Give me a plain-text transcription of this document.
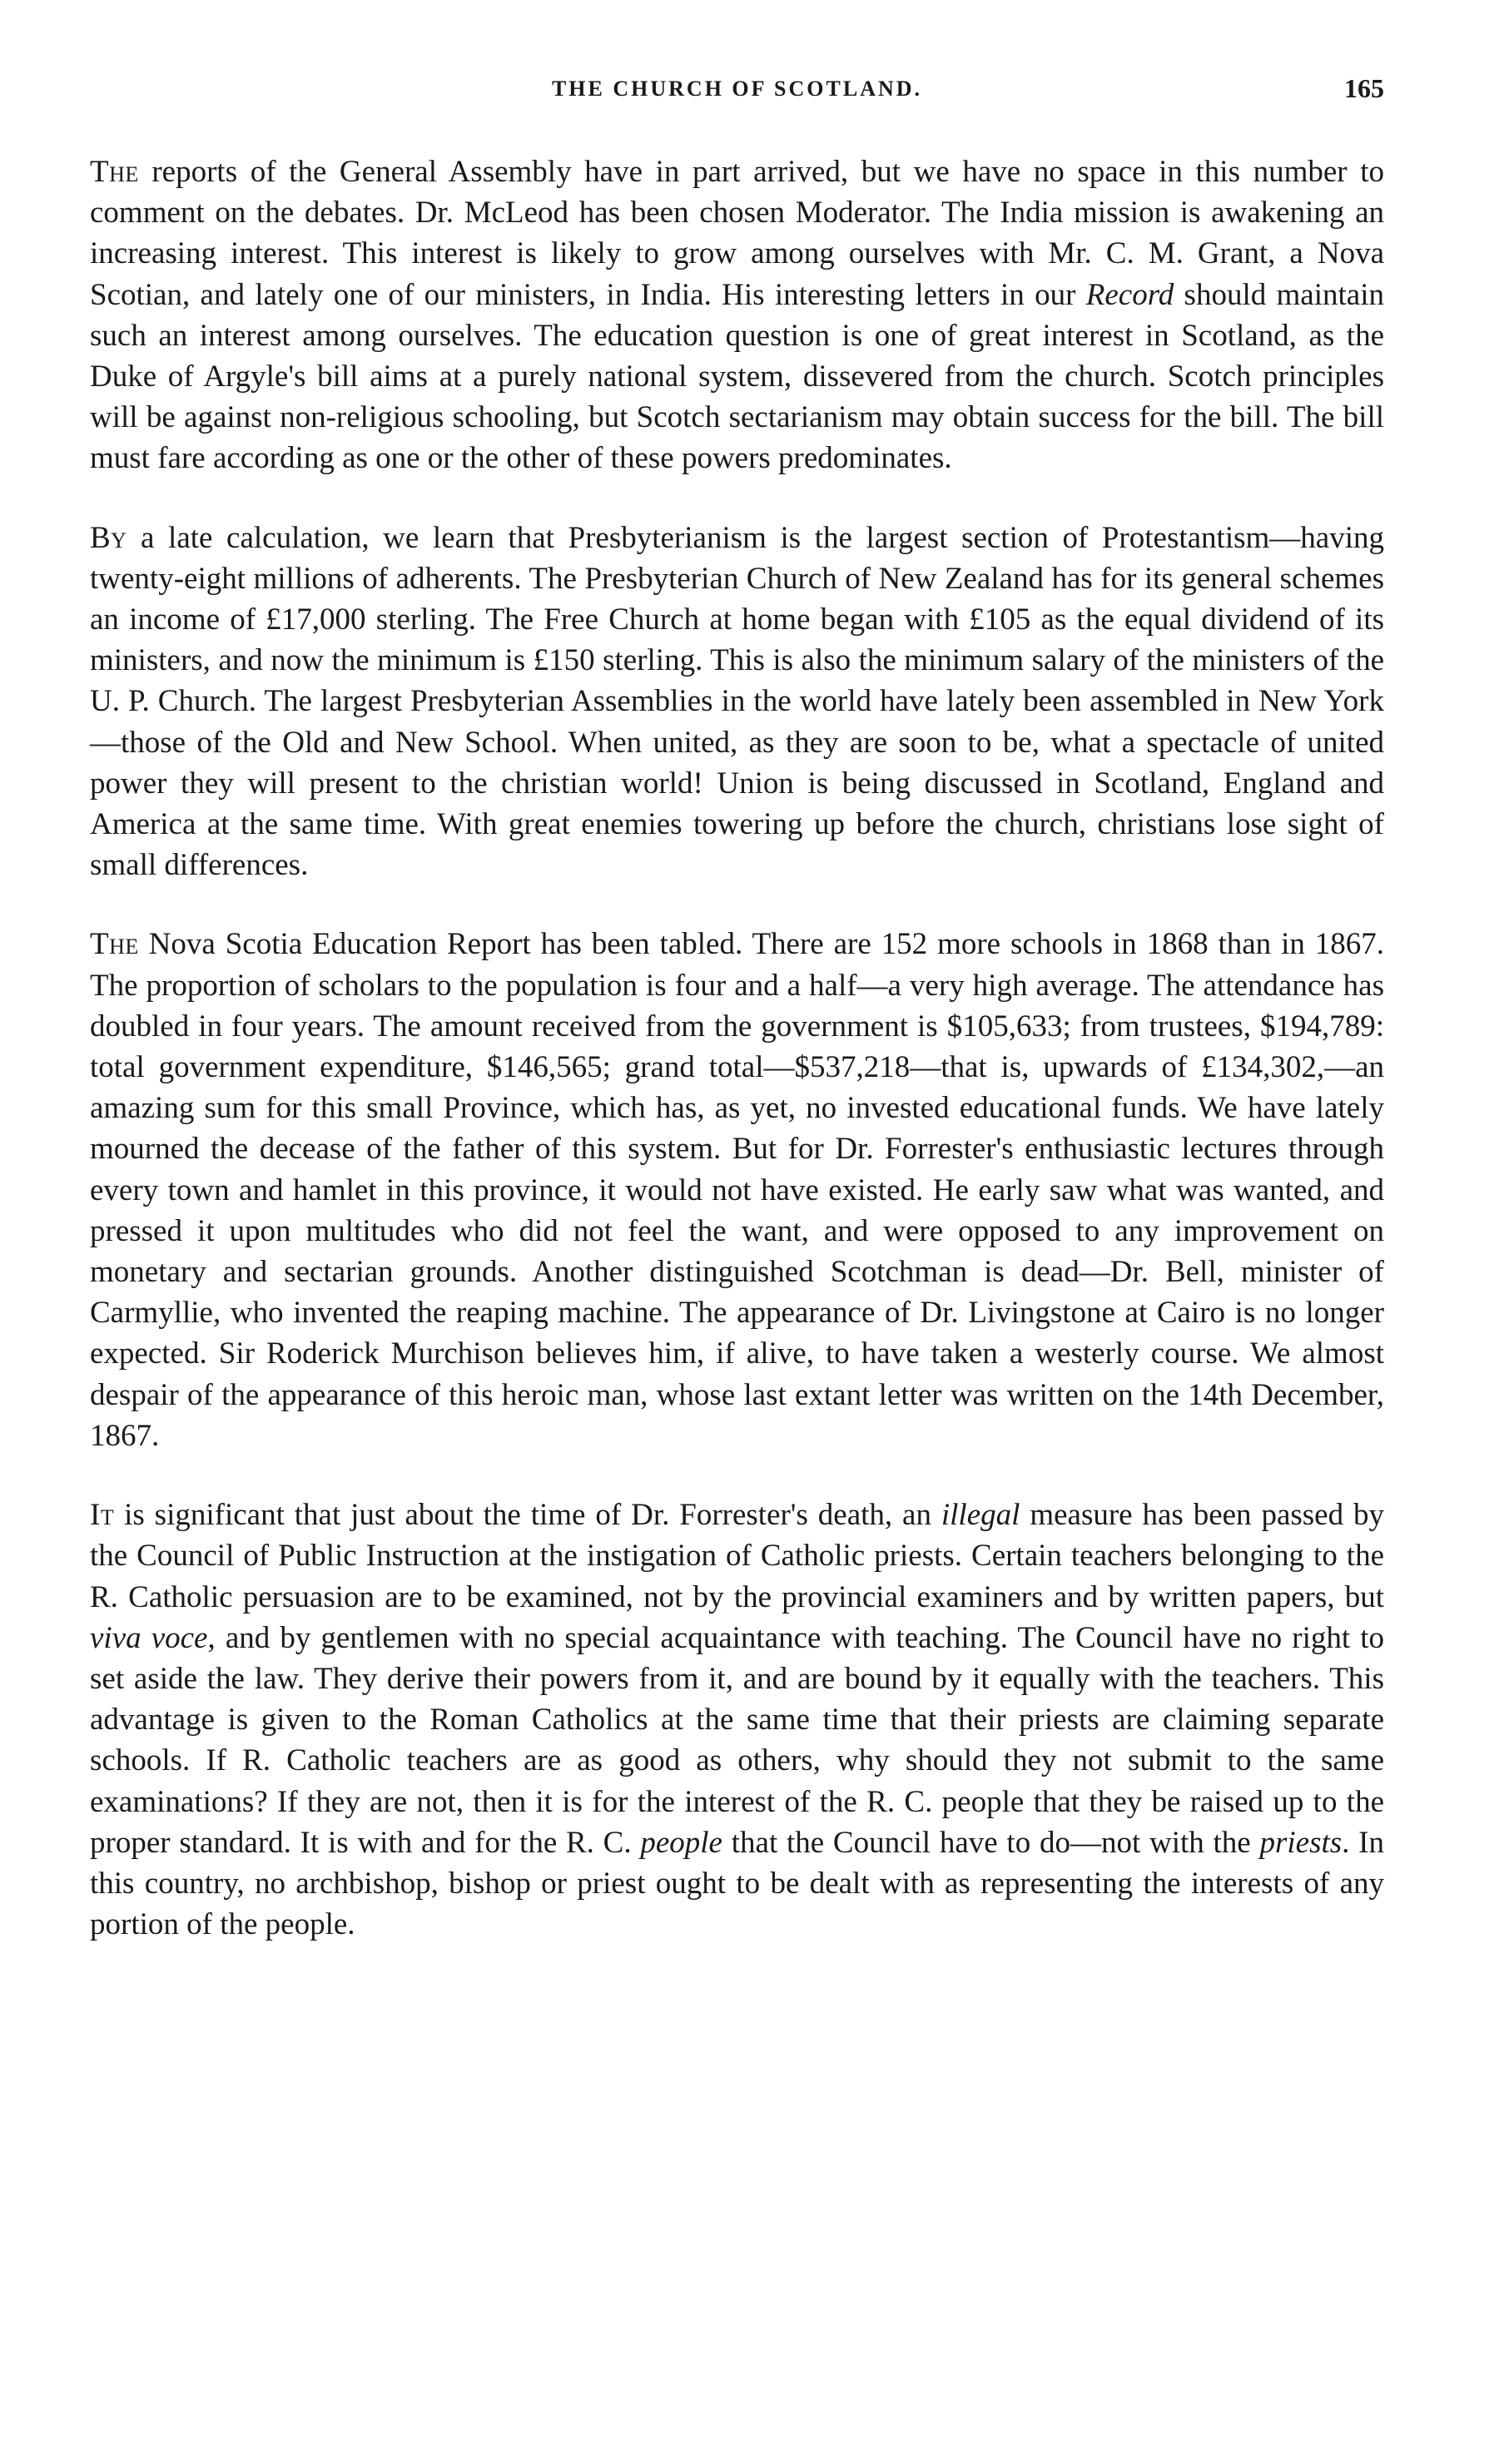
THE CHURCH OF SCOTLAND.	165

The reports of the General Assembly have in part arrived, but we have no space in this number to comment on the debates. Dr. McLeod has been chosen Moderator. The India mission is awakening an increasing interest. This interest is likely to grow among ourselves with Mr. C. M. Grant, a Nova Scotian, and lately one of our ministers, in India. His interesting letters in our Record should maintain such an interest among ourselves. The education question is one of great interest in Scotland, as the Duke of Argyle's bill aims at a purely national system, dissevered from the church. Scotch principles will be against non-religious schooling, but Scotch sectarianism may obtain success for the bill. The bill must fare according as one or the other of these powers predominates.

By a late calculation, we learn that Presbyterianism is the largest section of Protestantism—having twenty-eight millions of adherents. The Presbyterian Church of New Zealand has for its general schemes an income of £17,000 sterling. The Free Church at home began with £105 as the equal dividend of its ministers, and now the minimum is £150 sterling. This is also the minimum salary of the ministers of the U. P. Church. The largest Presbyterian Assemblies in the world have lately been assembled in New York—those of the Old and New School. When united, as they are soon to be, what a spectacle of united power they will present to the christian world! Union is being discussed in Scotland, England and America at the same time. With great enemies towering up before the church, christians lose sight of small differences.

The Nova Scotia Education Report has been tabled. There are 152 more schools in 1868 than in 1867. The proportion of scholars to the population is four and a half—a very high average. The attendance has doubled in four years. The amount received from the government is $105,633; from trustees, $194,789: total government expenditure, $146,565; grand total—$537,218—that is, upwards of £134,302,—an amazing sum for this small Province, which has, as yet, no invested educational funds. We have lately mourned the decease of the father of this system. But for Dr. Forrester's enthusiastic lectures through every town and hamlet in this province, it would not have existed. He early saw what was wanted, and pressed it upon multitudes who did not feel the want, and were opposed to any improvement on monetary and sectarian grounds. Another distinguished Scotchman is dead—Dr. Bell, minister of Carmyllie, who invented the reaping machine. The appearance of Dr. Livingstone at Cairo is no longer expected. Sir Roderick Murchison believes him, if alive, to have taken a westerly course. We almost despair of the appearance of this heroic man, whose last extant letter was written on the 14th December, 1867.

It is significant that just about the time of Dr. Forrester's death, an illegal measure has been passed by the Council of Public Instruction at the instigation of Catholic priests. Certain teachers belonging to the R. Catholic persuasion are to be examined, not by the provincial examiners and by written papers, but viva voce, and by gentlemen with no special acquaintance with teaching. The Council have no right to set aside the law. They derive their powers from it, and are bound by it equally with the teachers. This advantage is given to the Roman Catholics at the same time that their priests are claiming separate schools. If R. Catholic teachers are as good as others, why should they not submit to the same examinations? If they are not, then it is for the interest of the R. C. people that they be raised up to the proper standard. It is with and for the R. C. people that the Council have to do—not with the priests. In this country, no archbishop, bishop or priest ought to be dealt with as representing the interests of any portion of the people.
